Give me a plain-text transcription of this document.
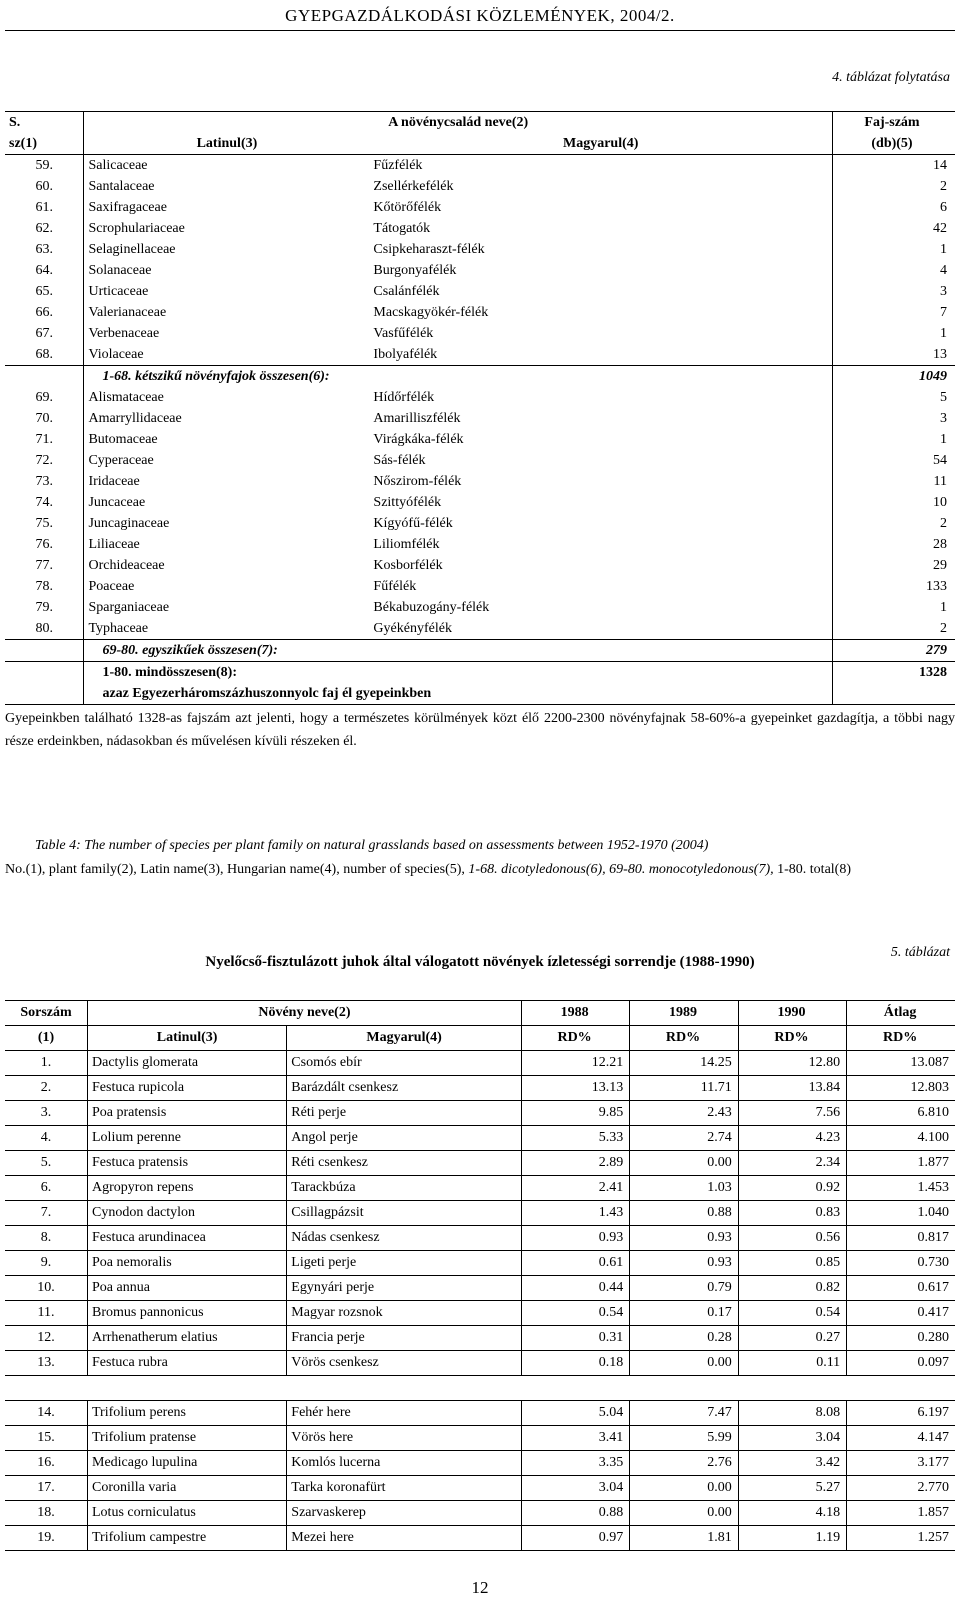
GYEPGAZDÁLKODÁSI KÖZLEMÉNYEK, 2004/2.
4. táblázat folytatása
S.	A növénycsalád neve(2)		Faj-szám
sz(1)	Latinul(3)	Magyarul(4)	(db)(5)
59.	Salicaceae	Fűzfélék	14
60.	Santalaceae	Zsellérkefélék	2
61.	Saxifragaceae	Kőtörőfélék	6
62.	Scrophulariaceae	Tátogatók	42
63.	Selaginellaceae	Csipkeharaszt-félék	1
64.	Solanaceae	Burgonyafélék	4
65.	Urticaceae	Csalánfélék	3
66.	Valerianaceae	Macskagyökér-félék	7
67.	Verbenaceae	Vasfűfélék	1
68.	Violaceae	Ibolyafélék	13
	1-68. kétszikű növényfajok összesen(6):		1049
69.	Alismataceae	Hídőrfélék	5
70.	Amarryllidaceae	Amarilliszfélék	3
71.	Butomaceae	Virágkáka-félék	1
72.	Cyperaceae	Sás-félék	54
73.	Iridaceae	Nőszirom-félék	11
74.	Juncaceae	Szittyófélék	10
75.	Juncaginaceae	Kígyófű-félék	2
76.	Liliaceae	Liliomfélék	28
77.	Orchideaceae	Kosborfélék	29
78.	Poaceae	Fűfélék	133
79.	Sparganiaceae	Békabuzogány-félék	1
80.	Typhaceae	Gyékényfélék	2
	69-80. egyszikűek összesen(7):		279
	1-80. mindösszesen(8):		1328
	azaz Egyezerháromszázhuszonnyolc faj él gyepeinkben		
Gyepeinkben található 1328-as fajszám azt jelenti, hogy a természetes körülmények közt élő 2200-2300 növényfajnak 58-60%-a gyepeinket gazdagítja, a többi nagy része erdeinkben, nádasokban és művelésen kívüli részeken él.
Table 4: The number of species per plant family on natural grasslands based on assessments between 1952-1970 (2004)
No.(1), plant family(2), Latin name(3), Hungarian name(4), number of species(5), 1-68. dicotyledonous(6), 69-80. monocotyledonous(7), 1-80. total(8)
5. táblázat
Nyelőcső-fisztulázott juhok által válogatott növények ízletességi sorrendje (1988-1990)
Sorszám	Növény neve(2)		1988	1989	1990	Átlag
(1)	Latinul(3)	Magyarul(4)	RD%	RD%	RD%	RD%
1.	Dactylis glomerata	Csomós ebír	12.21	14.25	12.80	13.087
2.	Festuca rupicola	Barázdált csenkesz	13.13	11.71	13.84	12.803
3.	Poa pratensis	Réti perje	9.85	2.43	7.56	6.810
4.	Lolium perenne	Angol perje	5.33	2.74	4.23	4.100
5.	Festuca pratensis	Réti csenkesz	2.89	0.00	2.34	1.877
6.	Agropyron repens	Tarackbúza	2.41	1.03	0.92	1.453
7.	Cynodon dactylon	Csillagpázsit	1.43	0.88	0.83	1.040
8.	Festuca arundinacea	Nádas csenkesz	0.93	0.93	0.56	0.817
9.	Poa nemoralis	Ligeti perje	0.61	0.93	0.85	0.730
10.	Poa annua	Egynyári perje	0.44	0.79	0.82	0.617
11.	Bromus pannonicus	Magyar rozsnok	0.54	0.17	0.54	0.417
12.	Arrhenatherum elatius	Francia perje	0.31	0.28	0.27	0.280
13.	Festuca rubra	Vörös csenkesz	0.18	0.00	0.11	0.097

14.	Trifolium perens	Fehér here	5.04	7.47	8.08	6.197
15.	Trifolium pratense	Vörös here	3.41	5.99	3.04	4.147
16.	Medicago lupulina	Komlós lucerna	3.35	2.76	3.42	3.177
17.	Coronilla varia	Tarka koronafürt	3.04	0.00	5.27	2.770
18.	Lotus corniculatus	Szarvaskerep	0.88	0.00	4.18	1.857
19.	Trifolium campestre	Mezei here	0.97	1.81	1.19	1.257
12
